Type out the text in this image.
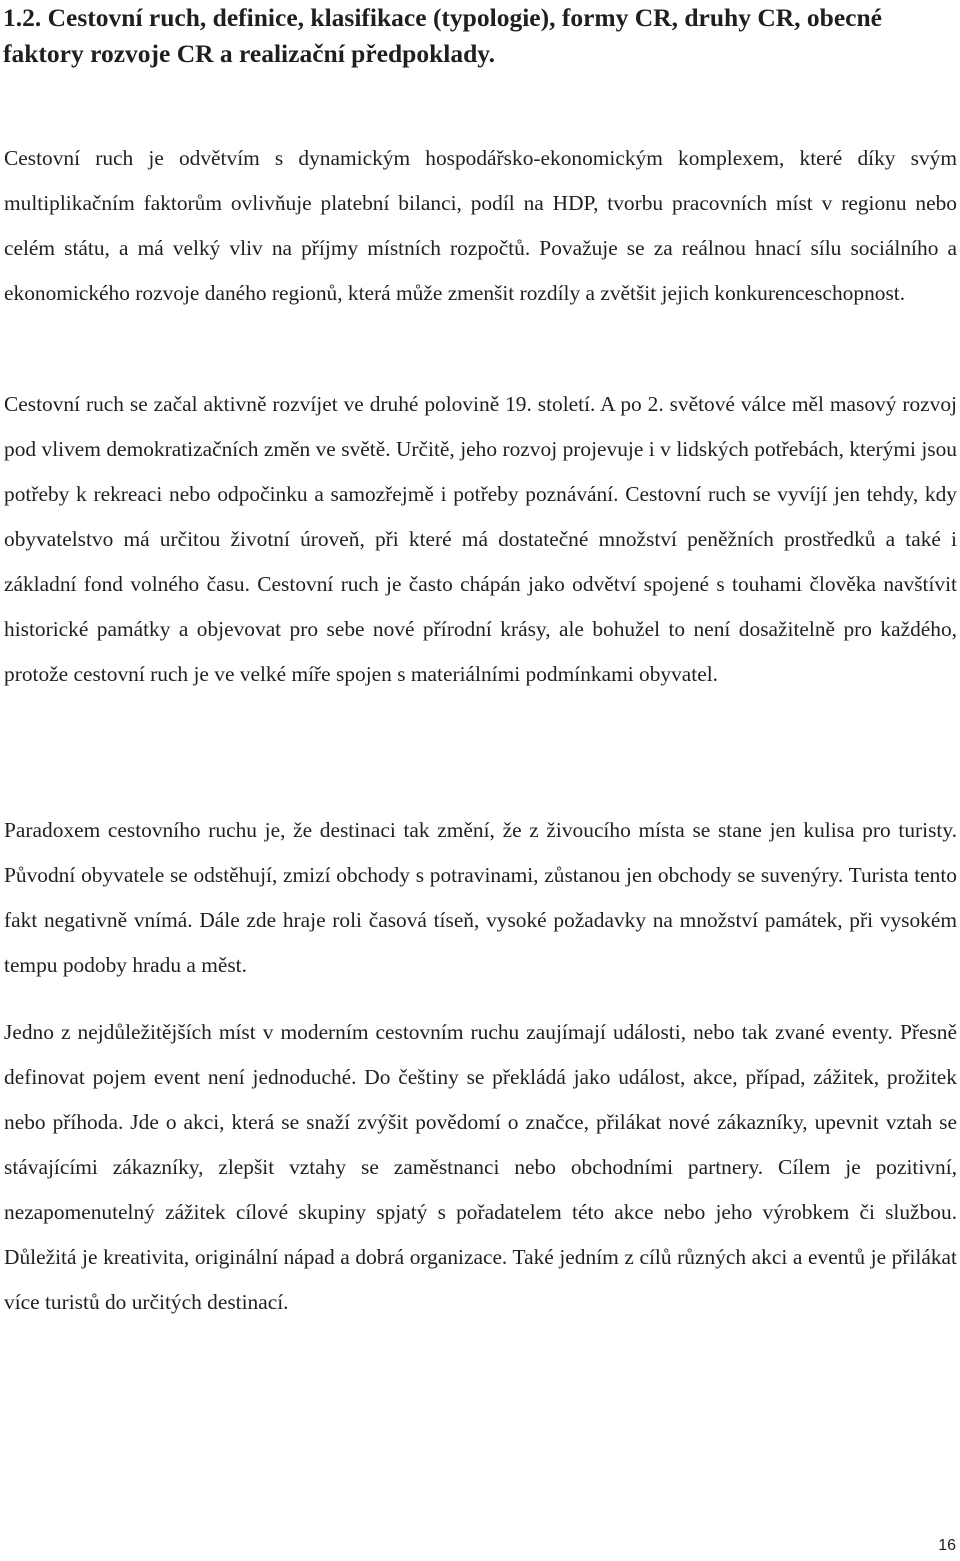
1.2. Cestovní ruch, definice, klasifikace (typologie), formy CR, druhy CR, obecné faktory rozvoje CR a realizační předpoklady.

Cestovní ruch je odvětvím s dynamickým hospodářsko-ekonomickým komplexem, které díky svým multiplikačním faktorům ovlivňuje platební bilanci, podíl na HDP, tvorbu pracovních míst v regionu nebo celém státu, a má velký vliv na příjmy místních rozpočtů. Považuje se za reálnou hnací sílu sociálního a ekonomického rozvoje daného regionů, která může zmenšit rozdíly a zvětšit jejich konkurenceschopnost.

Cestovní ruch se začal aktivně rozvíjet ve druhé polovině 19. století. A po 2. světové válce měl masový rozvoj pod vlivem demokratizačních změn ve světě. Určitě, jeho rozvoj projevuje i v lidských potřebách, kterými jsou potřeby k rekreaci nebo odpočinku a samozřejmě i potřeby poznávání. Cestovní ruch se vyvíjí jen tehdy, kdy obyvatelstvo má určitou životní úroveň, při které má dostatečné množství peněžních prostředků a také i základní fond volného času. Cestovní ruch je často chápán jako odvětví spojené s touhami člověka navštívit historické památky a objevovat pro sebe nové přírodní krásy, ale bohužel to není dosažitelně pro každého, protože cestovní ruch je ve velké míře spojen s materiálními podmínkami obyvatel.

Paradoxem cestovního ruchu je, že destinaci tak změní, že z živoucího místa se stane jen kulisa pro turisty. Původní obyvatele se odstěhují, zmizí obchody s potravinami, zůstanou jen obchody se suvenýry. Turista tento fakt negativně vnímá. Dále zde hraje roli časová tíseň, vysoké požadavky na množství památek, při vysokém tempu podoby hradu a měst.

Jedno z nejdůležitějších míst v moderním cestovním ruchu zaujímají události, nebo tak zvané eventy. Přesně definovat pojem event není jednoduché. Do češtiny se překládá jako událost, akce, případ, zážitek, prožitek nebo příhoda. Jde o akci, která se snaží zvýšit povědomí o značce, přilákat nové zákazníky, upevnit vztah se stávajícími zákazníky, zlepšit vztahy se zaměstnanci nebo obchodními partnery. Cílem je pozitivní, nezapomenutelný zážitek cílové skupiny spjatý s pořadatelem této akce nebo jeho výrobkem či službou. Důležitá je kreativita, originální nápad a dobrá organizace. Také jedním z cílů různých akci a eventů je přilákat více turistů do určitých destinací.

16
